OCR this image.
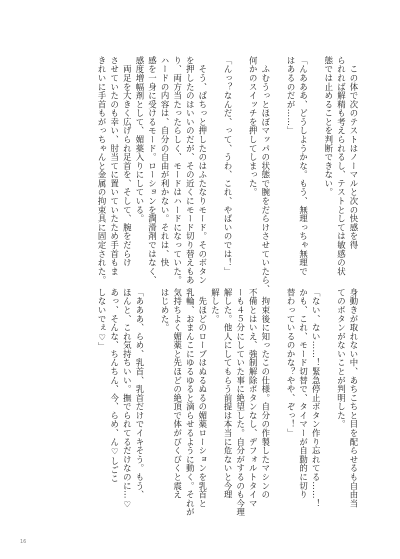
　この体で次のテストはノーマルと次の快感を得
られれば解精も考えられるし、テストとしては敏感の状
態では止めることを判断できない。

「んあああ、どうしようかな。もう、無理っちゃ無理で
はあるのだが……」

　ふむうっとほぼマッパの状態で腕をだらけさせていたら、
何かのスイッチを押してしまった。

「んっ？なんだ、って、うわ、これ、やばいのでは！」

　そう、ぱちっと押したのはふたなりモード。そのボタン
を押したのはいいのだが、その近くにモード切り替えもあ
り、両方当たったらしく、モードはハードになっていた。
ハードの内容は、自分の自由が利かない。それは、快
感を一身に受けるモード。ローションを潤滑剤ではなく、
感度増幅剤として、媚薬入りにしている。
　両足を大きく広げられ足首を、そして、腕をだらけ
させていたのも幸い、肘当てに置いていたため手首もま
きれいに手首もがっちゃんと金属の拘束具に固定された。
身動きが取れない中、あちこちと目を配らせるも自由当
てのボタンがないことが判明した。

「ない、ない……！緊急停止ボタン作り忘れてる……！
かも、これ、モード切替で、タイマーが自動的に切り
替わっているのかな？やや、ぞっ！」

　拘束後に知ったこの仕様。自分の作製したマシンの
不備とはいえ、強制解除ボタンなし、デフォルトタイマ
ーも４５分にしていた事に絶望した。自分がするのも今理
解した。他人にしてもらう前提は本当に危ないと今理
解した。
　先ほどのローブはぬるぬるの媚薬ローションを乳首と
乳輪、おまんこにゆるゆると滴らせるように動く。それが
気持ちよく媚薬と先ほどの絶頂で体がびくびくと震え
はじめた。

「あああ、らめ、乳首、乳首だけでイキそう。もう、
ほんと、これ気持ちいい。撫でられてるだけなのに…♡
あっ、そんな、ちんちん、今、らめ、ん♡しごこ
しないでぇ♡」
16
